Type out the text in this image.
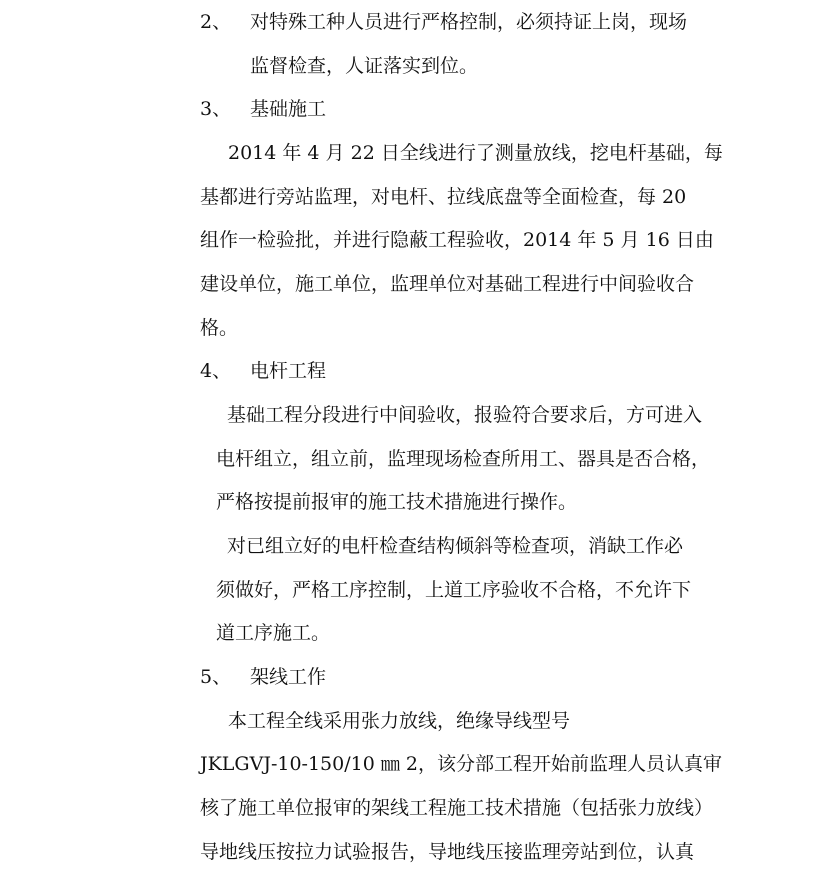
2、 对特殊工种人员进行严格控制，必须持证上岗，现场
监督检查，人证落实到位。
3、 基础施工
2014 年 4 月 22 日全线进行了测量放线，挖电杆基础，每
基都进行旁站监理，对电杆、拉线底盘等全面检查，每 20
组作一检验批，并进行隐蔽工程验收，2014 年 5 月 16 日由
建设单位，施工单位，监理单位对基础工程进行中间验收合
格。
4、 电杆工程
基础工程分段进行中间验收，报验符合要求后，方可进入
电杆组立，组立前，监理现场检查所用工、器具是否合格，
严格按提前报审的施工技术措施进行操作。
对已组立好的电杆检查结构倾斜等检查项，消缺工作必
须做好，严格工序控制，上道工序验收不合格，不允许下
道工序施工。
5、 架线工作
本工程全线采用张力放线，绝缘导线型号
JKLGVJ-10-150/10 ㎜ 2，该分部工程开始前监理人员认真审
核了施工单位报审的架线工程施工技术措施（包括张力放线）
导地线压按拉力试验报告，导地线压接监理旁站到位，认真
